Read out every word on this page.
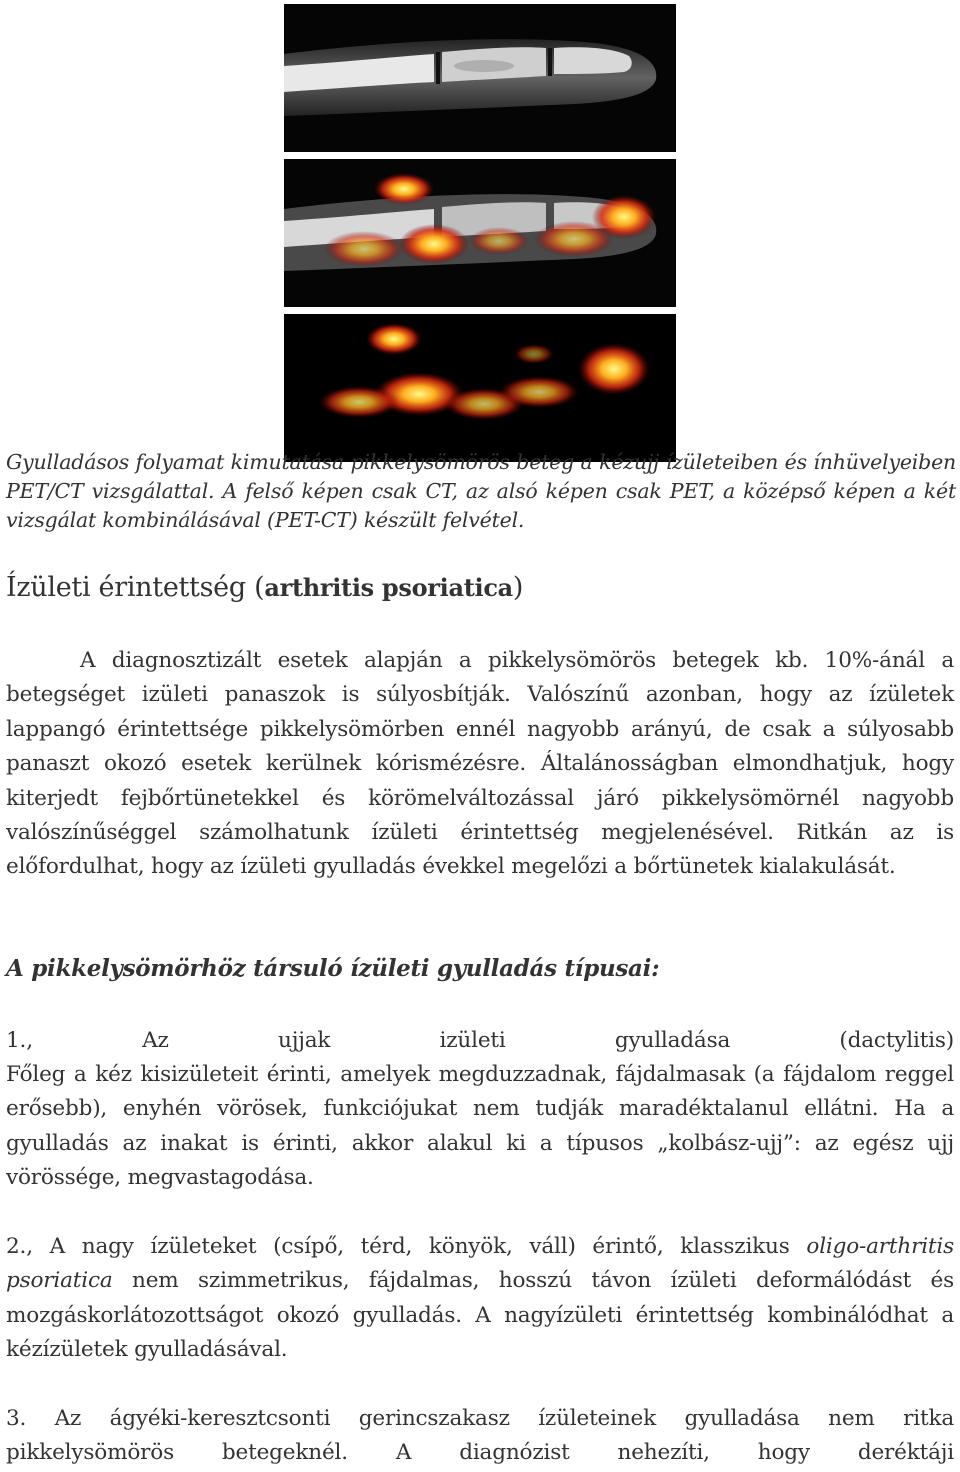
Gyulladásos folyamat kimutatása pikkelysömörös beteg a kézujj ízületeiben és ínhüvelyeiben PET/CT vizsgálattal. A felső képen csak CT, az alsó képen csak PET, a középső képen a két vizsgálat kombinálásával (PET-CT) készült felvétel.
Ízületi érintettség (arthritis psoriatica)
A diagnosztizált esetek alapján a pikkelysömörös betegek kb. 10%-ánál a betegséget izületi panaszok is súlyosbítják. Valószínű azonban, hogy az ízületek lappangó érintettsége pikkelysömörben ennél nagyobb arányú, de csak a súlyosabb panaszt okozó esetek kerülnek kórismézésre. Általánosságban elmondhatjuk, hogy kiterjedt fejbőrtünetekkel és körömelváltozással járó pikkelysömörnél nagyobb valószínűséggel számolhatunk ízületi érintettség megjelenésével. Ritkán az is előfordulhat, hogy az ízületi gyulladás évekkel megelőzi a bőrtünetek kialakulását.
A pikkelysömörhöz társuló ízületi gyulladás típusai:
1., Az ujjak izületi gyulladása (dactylitis)
Főleg a kéz kisizületeit érinti, amelyek megduzzadnak, fájdalmasak (a fájdalom reggel erősebb), enyhén vörösek, funkciójukat nem tudják maradéktalanul ellátni. Ha a gyulladás az inakat is érinti, akkor alakul ki a típusos „kolbász-ujj”: az egész ujj vörössége, megvastagodása.
2., A nagy ízületeket (csípő, térd, könyök, váll) érintő, klasszikus oligo-arthritis psoriatica nem szimmetrikus, fájdalmas, hosszú távon ízületi deformálódást és mozgáskorlátozottságot okozó gyulladás. A nagyízületi érintettség kombinálódhat a kézízületek gyulladásával.
3. Az ágyéki-keresztcsonti gerincszakasz ízületeinek gyulladása nem ritka pikkelysömörös betegeknél. A diagnózist nehezíti, hogy deréktáji
